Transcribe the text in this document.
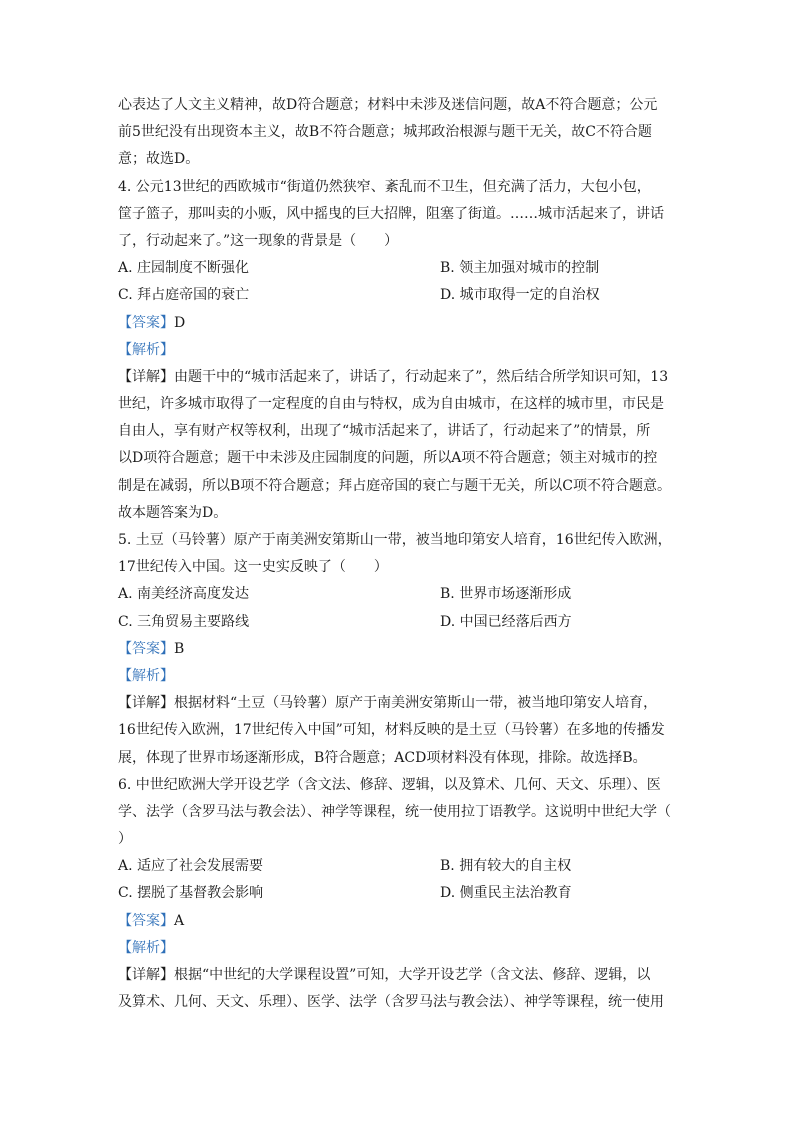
心表达了人文主义精神，故D符合题意；材料中未涉及迷信问题，故A不符合题意；公元
前5世纪没有出现资本主义，故B不符合题意；城邦政治根源与题干无关，故C不符合题
意；故选D。
4. 公元13世纪的西欧城市“街道仍然狭窄、紊乱而不卫生，但充满了活力，大包小包，
筐子篮子，那叫卖的小贩，风中摇曳的巨大招牌，阻塞了街道。……城市活起来了，讲话
了，行动起来了。”这一现象的背景是（　　）
A. 庄园制度不断强化	B. 领主加强对城市的控制
C. 拜占庭帝国的衰亡	D. 城市取得一定的自治权
【答案】D
【解析】
【详解】由题干中的“城市活起来了，讲话了，行动起来了”，然后结合所学知识可知，13
世纪，许多城市取得了一定程度的自由与特权，成为自由城市，在这样的城市里，市民是
自由人，享有财产权等权利，出现了“城市活起来了，讲话了，行动起来了”的情景，所
以D项符合题意；题干中未涉及庄园制度的问题，所以A项不符合题意；领主对城市的控
制是在减弱，所以B项不符合题意；拜占庭帝国的衰亡与题干无关，所以C项不符合题意。
故本题答案为D。
5. 土豆（马铃薯）原产于南美洲安第斯山一带，被当地印第安人培育，16世纪传入欧洲，
17世纪传入中国。这一史实反映了（　　）
A. 南美经济高度发达	B. 世界市场逐渐形成
C. 三角贸易主要路线	D. 中国已经落后西方
【答案】B
【解析】
【详解】根据材料“土豆（马铃薯）原产于南美洲安第斯山一带，被当地印第安人培育，
16世纪传入欧洲，17世纪传入中国”可知，材料反映的是土豆（马铃薯）在多地的传播发
展，体现了世界市场逐渐形成，B符合题意；ACD项材料没有体现，排除。故选择B。
6. 中世纪欧洲大学开设艺学（含文法、修辞、逻辑，以及算术、几何、天文、乐理）、医
学、法学（含罗马法与教会法）、神学等课程，统一使用拉丁语教学。这说明中世纪大学（
）
A. 适应了社会发展需要	B. 拥有较大的自主权
C. 摆脱了基督教会影响	D. 侧重民主法治教育
【答案】A
【解析】
【详解】根据“中世纪的大学课程设置”可知，大学开设艺学（含文法、修辞、逻辑，以
及算术、几何、天文、乐理）、医学、法学（含罗马法与教会法）、神学等课程，统一使用
